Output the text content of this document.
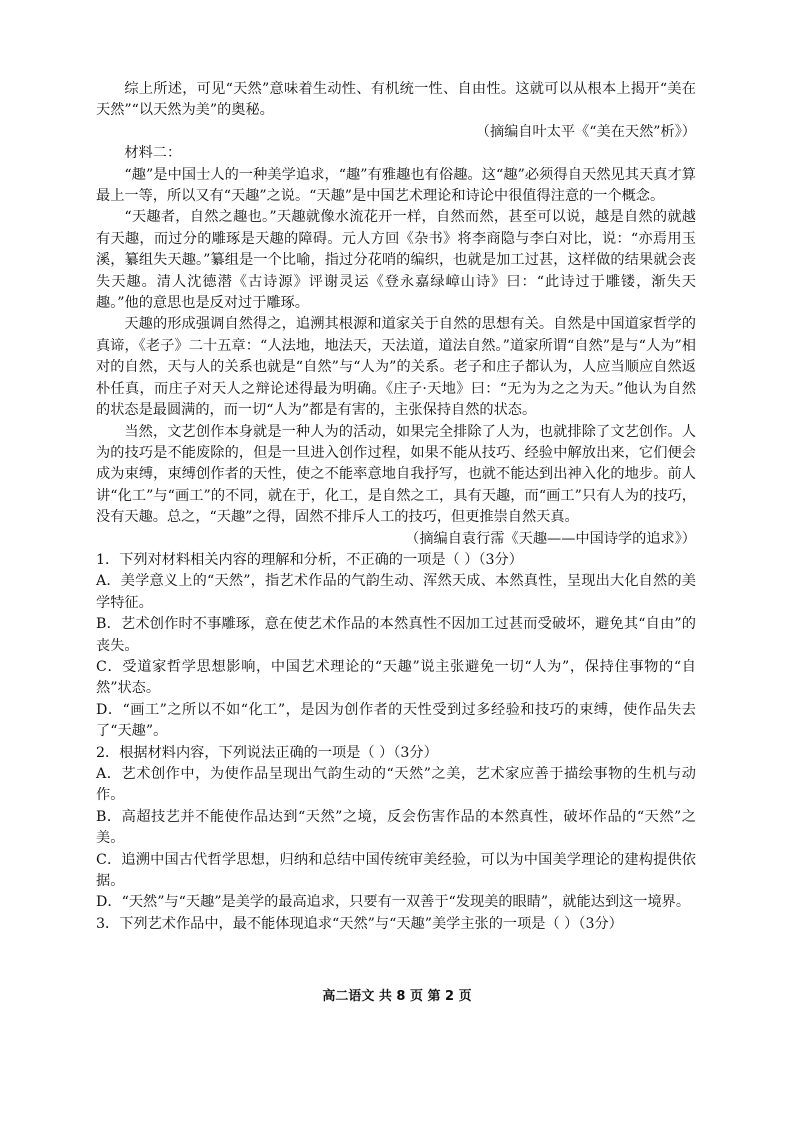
综上所述，可见“天然”意味着生动性、有机统一性、自由性。这就可以从根本上揭开“美在天然”“以天然为美”的奥秘。

（摘编自叶太平《“美在天然”析》）

材料二：

“趣”是中国士人的一种美学追求，“趣”有雅趣也有俗趣。这“趣”必须得自天然见其天真才算最上一等，所以又有“天趣”之说。“天趣”是中国艺术理论和诗论中很值得注意的一个概念。

“天趣者，自然之趣也。”天趣就像水流花开一样，自然而然，甚至可以说，越是自然的就越有天趣，而过分的雕琢是天趣的障碍。元人方回《杂书》将李商隐与李白对比，说：“亦焉用玉溪，纂组失天趣。”纂组是一个比喻，指过分花哨的编织，也就是加工过甚，这样做的结果就会丧失天趣。清人沈德潜《古诗源》评谢灵运《登永嘉绿嶂山诗》曰：“此诗过于雕镂，渐失天趣。”他的意思也是反对过于雕琢。

天趣的形成强调自然得之，追溯其根源和道家关于自然的思想有关。自然是中国道家哲学的真谛，《老子》二十五章：“人法地，地法天，天法道，道法自然。”道家所谓“自然”是与“人为”相对的自然，天与人的关系也就是“自然”与“人为”的关系。老子和庄子都认为，人应当顺应自然返朴任真，而庄子对天人之辩论述得最为明确。《庄子·天地》曰：“无为为之之为天。”他认为自然的状态是最圆满的，而一切“人为”都是有害的，主张保持自然的状态。

当然，文艺创作本身就是一种人为的活动，如果完全排除了人为，也就排除了文艺创作。人为的技巧是不能废除的，但是一旦进入创作过程，如果不能从技巧、经验中解放出来，它们便会成为束缚，束缚创作者的天性，使之不能率意地自我抒写，也就不能达到出神入化的地步。前人讲“化工”与“画工”的不同，就在于，化工，是自然之工，具有天趣，而“画工”只有人为的技巧，没有天趣。总之，“天趣”之得，固然不排斥人工的技巧，但更推崇自然天真。

（摘编自袁行霈《天趣——中国诗学的追求》）

1．下列对材料相关内容的理解和分析，不正确的一项是（ ）（3分）

A．美学意义上的“天然”，指艺术作品的气韵生动、浑然天成、本然真性，呈现出大化自然的美学特征。

B．艺术创作时不事雕琢，意在使艺术作品的本然真性不因加工过甚而受破坏，避免其“自由”的丧失。

C．受道家哲学思想影响，中国艺术理论的“天趣”说主张避免一切“人为”，保持住事物的“自然”状态。

D．“画工”之所以不如“化工”，是因为创作者的天性受到过多经验和技巧的束缚，使作品失去了“天趣”。

2．根据材料内容，下列说法正确的一项是（ ）（3分）

A．艺术创作中，为使作品呈现出气韵生动的“天然”之美，艺术家应善于描绘事物的生机与动作。

B．高超技艺并不能使作品达到“天然”之境，反会伤害作品的本然真性，破坏作品的“天然”之美。

C．追溯中国古代哲学思想，归纳和总结中国传统审美经验，可以为中国美学理论的建构提供依据。

D．“天然”与“天趣”是美学的最高追求，只要有一双善于“发现美的眼睛”，就能达到这一境界。

3．下列艺术作品中，最不能体现追求“天然”与“天趣”美学主张的一项是（ ）（3分）

高二语文 共 8 页 第 2 页
